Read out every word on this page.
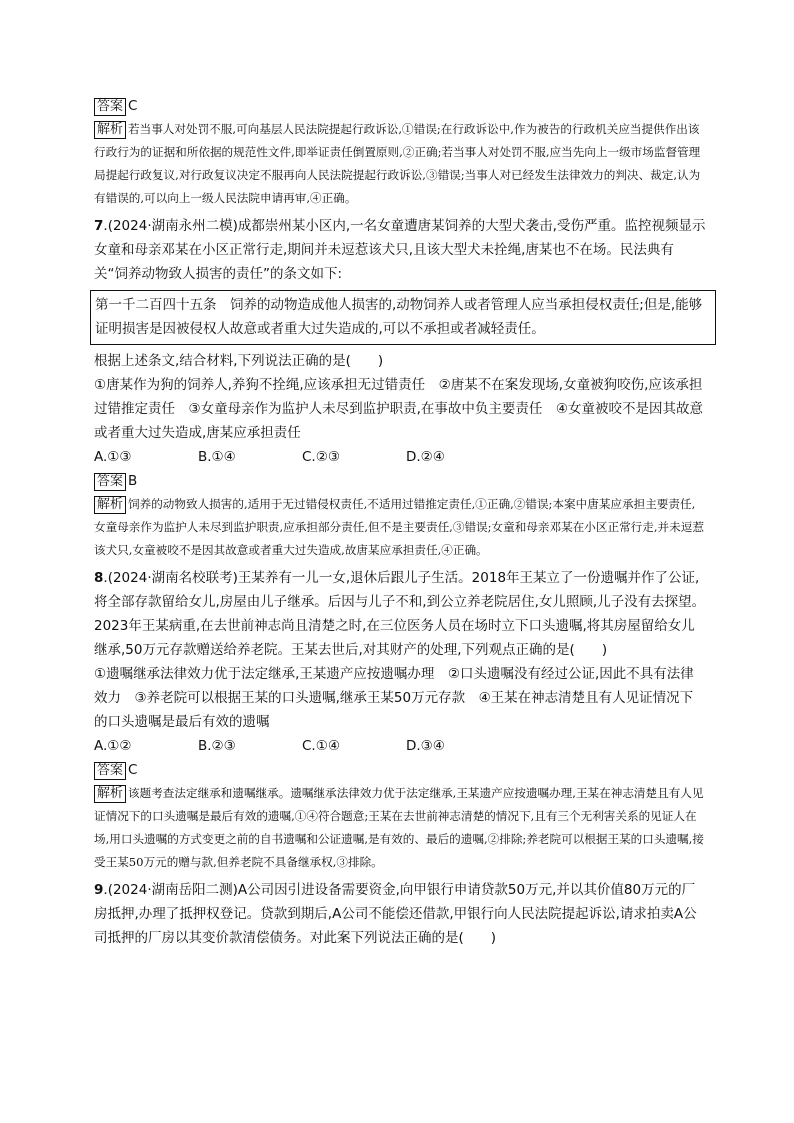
答案 C

解析 若当事人对处罚不服,可向基层人民法院提起行政诉讼,①错误;在行政诉讼中,作为被告的行政机关应当提供作出该行政行为的证据和所依据的规范性文件,即举证责任倒置原则,②正确;若当事人对处罚不服,应当先向上一级市场监督管理局提起行政复议,对行政复议决定不服再向人民法院提起行政诉讼,③错误;当事人对已经发生法律效力的判决、裁定,认为有错误的,可以向上一级人民法院申请再审,④正确。

7.(2024·湖南永州二模)成都崇州某小区内,一名女童遭唐某饲养的大型犬袭击,受伤严重。监控视频显示女童和母亲邓某在小区正常行走,期间并未逗惹该犬只,且该大型犬未拴绳,唐某也不在场。民法典有关“饲养动物致人损害的责任”的条文如下:

第一千二百四十五条　饲养的动物造成他人损害的,动物饲养人或者管理人应当承担侵权责任;但是,能够证明损害是因被侵权人故意或者重大过失造成的,可以不承担或者减轻责任。

根据上述条文,结合材料,下列说法正确的是(　　)

①唐某作为狗的饲养人,养狗不拴绳,应该承担无过错责任　②唐某不在案发现场,女童被狗咬伤,应该承担过错推定责任　③女童母亲作为监护人未尽到监护职责,在事故中负主要责任　④女童被咬不是因其故意或者重大过失造成,唐某应承担责任

A.①③	B.①④	C.②③	D.②④

答案 B

解析 饲养的动物致人损害的,适用于无过错侵权责任,不适用过错推定责任,①正确,②错误;本案中唐某应承担主要责任,女童母亲作为监护人未尽到监护职责,应承担部分责任,但不是主要责任,③错误;女童和母亲邓某在小区正常行走,并未逗惹该犬只,女童被咬不是因其故意或者重大过失造成,故唐某应承担责任,④正确。

8.(2024·湖南名校联考)王某养有一儿一女,退休后跟儿子生活。2018年王某立了一份遗嘱并作了公证,将全部存款留给女儿,房屋由儿子继承。后因与儿子不和,到公立养老院居住,女儿照顾,儿子没有去探望。2023年王某病重,在去世前神志尚且清楚之时,在三位医务人员在场时立下口头遗嘱,将其房屋留给女儿继承,50万元存款赠送给养老院。王某去世后,对其财产的处理,下列观点正确的是(　　)

①遗嘱继承法律效力优于法定继承,王某遗产应按遗嘱办理　②口头遗嘱没有经过公证,因此不具有法律效力　③养老院可以根据王某的口头遗嘱,继承王某50万元存款　④王某在神志清楚且有人见证情况下的口头遗嘱是最后有效的遗嘱

A.①②	B.②③	C.①④	D.③④

答案 C

解析 该题考查法定继承和遗嘱继承。遗嘱继承法律效力优于法定继承,王某遗产应按遗嘱办理,王某在神志清楚且有人见证情况下的口头遗嘱是最后有效的遗嘱,①④符合题意;王某在去世前神志清楚的情况下,且有三个无利害关系的见证人在场,用口头遗嘱的方式变更之前的自书遗嘱和公证遗嘱,是有效的、最后的遗嘱,②排除;养老院可以根据王某的口头遗嘱,接受王某50万元的赠与款,但养老院不具备继承权,③排除。

9.(2024·湖南岳阳二测)A公司因引进设备需要资金,向甲银行申请贷款50万元,并以其价值80万元的厂房抵押,办理了抵押权登记。贷款到期后,A公司不能偿还借款,甲银行向人民法院提起诉讼,请求拍卖A公司抵押的厂房以其变价款清偿债务。对此案下列说法正确的是(　　)
